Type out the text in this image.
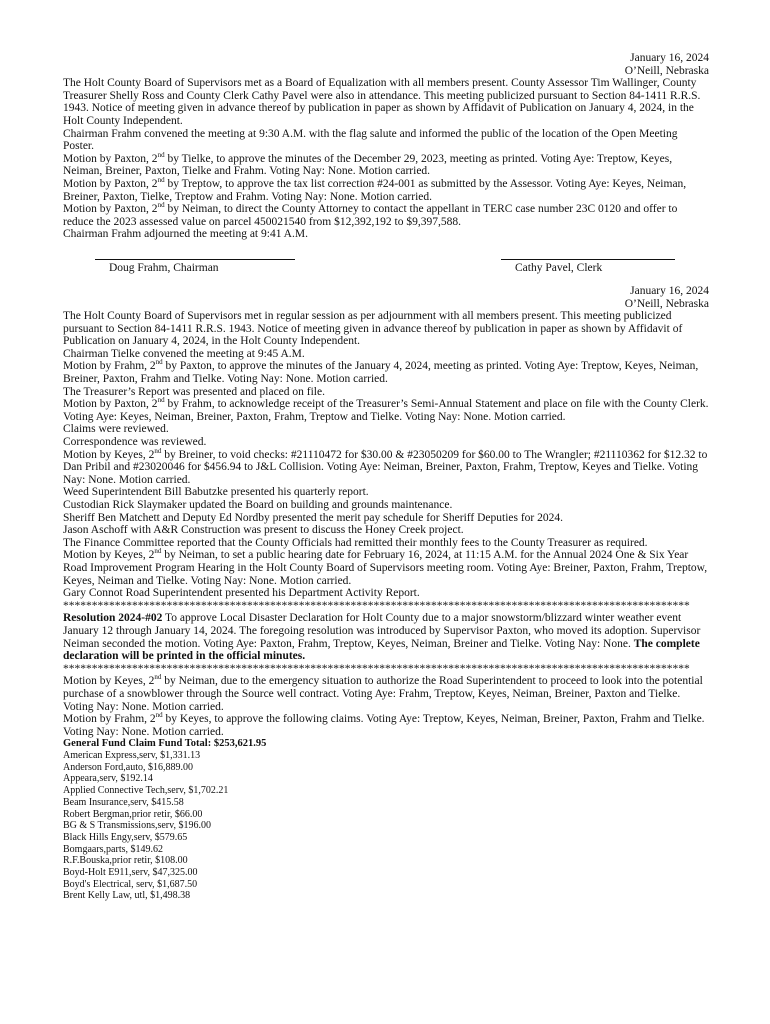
January 16, 2024
O’Neill, Nebraska

The Holt County Board of Supervisors met as a Board of Equalization with all members present. County Assessor Tim Wallinger, County Treasurer Shelly Ross and County Clerk Cathy Pavel were also in attendance. This meeting publicized pursuant to Section 84-1411 R.R.S. 1943. Notice of meeting given in advance thereof by publication in paper as shown by Affidavit of Publication on January 4, 2024, in the Holt County Independent.

Chairman Frahm convened the meeting at 9:30 A.M. with the flag salute and informed the public of the location of the Open Meeting Poster.

Motion by Paxton, 2nd by Tielke, to approve the minutes of the December 29, 2023, meeting as printed. Voting Aye: Treptow, Keyes, Neiman, Breiner, Paxton, Tielke and Frahm. Voting Nay: None. Motion carried.

Motion by Paxton, 2nd by Treptow, to approve the tax list correction #24-001 as submitted by the Assessor. Voting Aye: Keyes, Neiman, Breiner, Paxton, Tielke, Treptow and Frahm. Voting Nay: None. Motion carried.

Motion by Paxton, 2nd by Neiman, to direct the County Attorney to contact the appellant in TERC case number 23C 0120 and offer to reduce the 2023 assessed value on parcel 450021540 from $12,392,192 to $9,397,588.

Chairman Frahm adjourned the meeting at 9:41 A.M.

Doug Frahm, Chairman	Cathy Pavel, Clerk
January 16, 2024
O’Neill, Nebraska

The Holt County Board of Supervisors met in regular session as per adjournment with all members present. This meeting publicized pursuant to Section 84-1411 R.R.S. 1943. Notice of meeting given in advance thereof by publication in paper as shown by Affidavit of Publication on January 4, 2024, in the Holt County Independent.

Chairman Tielke convened the meeting at 9:45 A.M.

Motion by Frahm, 2nd by Paxton, to approve the minutes of the January 4, 2024, meeting as printed. Voting Aye: Treptow, Keyes, Neiman, Breiner, Paxton, Frahm and Tielke. Voting Nay: None. Motion carried.

The Treasurer’s Report was presented and placed on file.

Motion by Paxton, 2nd by Frahm, to acknowledge receipt of the Treasurer’s Semi-Annual Statement and place on file with the County Clerk. Voting Aye: Keyes, Neiman, Breiner, Paxton, Frahm, Treptow and Tielke. Voting Nay: None. Motion carried.

Claims were reviewed.

Correspondence was reviewed.

Motion by Keyes, 2nd by Breiner, to void checks: #21110472 for $30.00 & #23050209 for $60.00 to The Wrangler; #21110362 for $12.32 to Dan Pribil and #23020046 for $456.94 to J&L Collision. Voting Aye: Neiman, Breiner, Paxton, Frahm, Treptow, Keyes and Tielke. Voting Nay: None. Motion carried.

Weed Superintendent Bill Babutzke presented his quarterly report.

Custodian Rick Slaymaker updated the Board on building and grounds maintenance.

Sheriff Ben Matchett and Deputy Ed Nordby presented the merit pay schedule for Sheriff Deputies for 2024.

Jason Aschoff with A&R Construction was present to discuss the Honey Creek project.

The Finance Committee reported that the County Officials had remitted their monthly fees to the County Treasurer as required.

Motion by Keyes, 2nd by Neiman, to set a public hearing date for February 16, 2024, at 11:15 A.M. for the Annual 2024 One & Six Year Road Improvement Program Hearing in the Holt County Board of Supervisors meeting room. Voting Aye: Breiner, Paxton, Frahm, Treptow, Keyes, Neiman and Tielke. Voting Nay: None. Motion carried.

Gary Connot Road Superintendent presented his Department Activity Report.

*************************************************************************************************************

Resolution 2024-#02 To approve Local Disaster Declaration for Holt County due to a major snowstorm/blizzard winter weather event January 12 through January 14, 2024. The foregoing resolution was introduced by Supervisor Paxton, who moved its adoption. Supervisor Neiman seconded the motion. Voting Aye: Paxton, Frahm, Treptow, Keyes, Neiman, Breiner and Tielke. Voting Nay: None. The complete declaration will be printed in the official minutes.

*************************************************************************************************************

Motion by Keyes, 2nd by Neiman, due to the emergency situation to authorize the Road Superintendent to proceed to look into the potential purchase of a snowblower through the Source well contract. Voting Aye: Frahm, Treptow, Keyes, Neiman, Breiner, Paxton and Tielke. Voting Nay: None. Motion carried.

Motion by Frahm, 2nd by Keyes, to approve the following claims. Voting Aye: Treptow, Keyes, Neiman, Breiner, Paxton, Frahm and Tielke. Voting Nay: None. Motion carried.

General Fund Claim Fund Total: $253,621.95
American Express,serv, $1,331.13
Anderson Ford,auto, $16,889.00
Appeara,serv, $192.14
Applied Connective Tech,serv, $1,702.21
Beam Insurance,serv, $415.58
Robert Bergman,prior retir, $66.00
BG & S Transmissions,serv, $196.00
Black Hills Engy,serv, $579.65
Bomgaars,parts, $149.62
R.F.Bouska,prior retir, $108.00
Boyd-Holt E911,serv, $47,325.00
Boyd's Electrical, serv, $1,687.50
Brent Kelly Law, utl, $1,498.38
